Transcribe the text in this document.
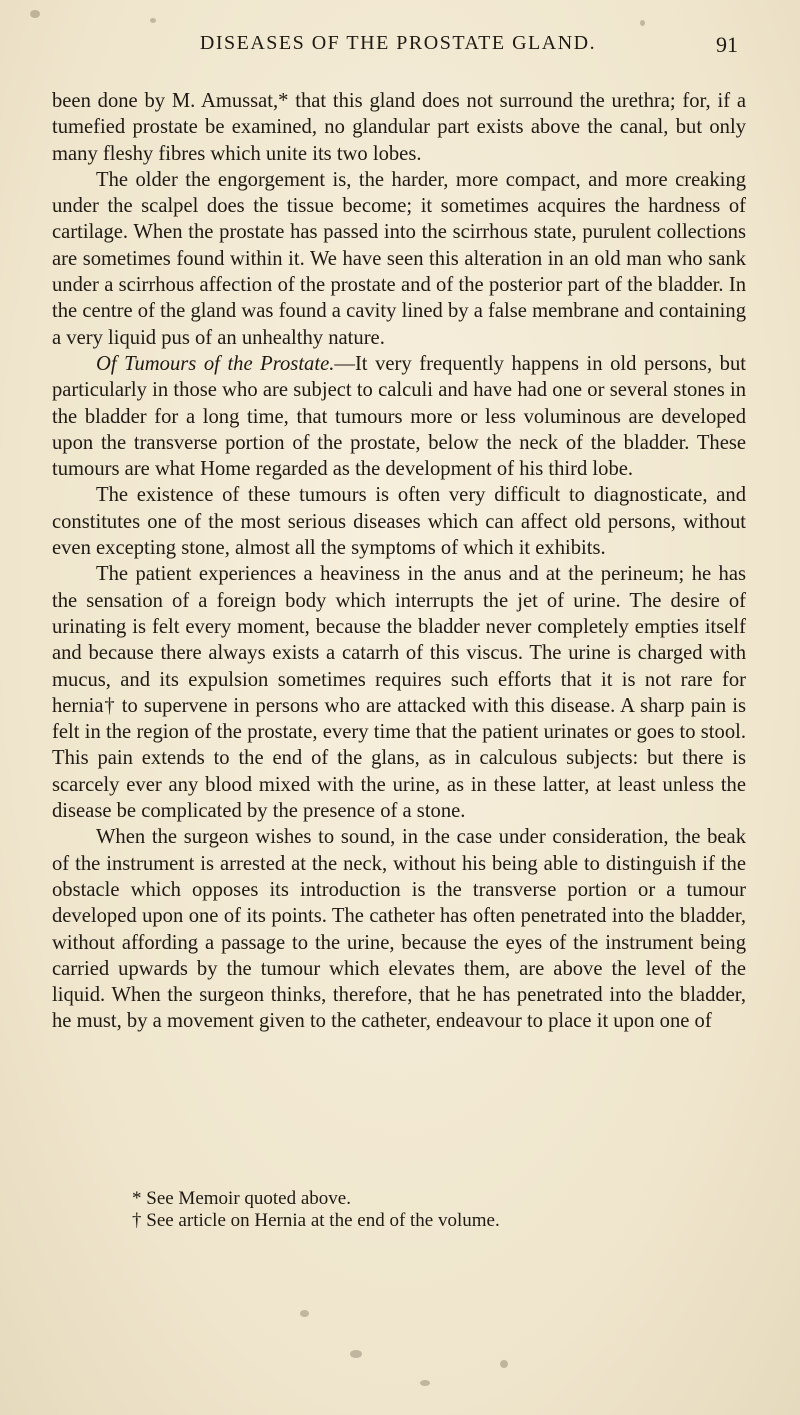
DISEASES OF THE PROSTATE GLAND.	91

been done by M. Amussat,* that this gland does not surround the urethra; for, if a tumefied prostate be examined, no glandular part exists above the canal, but only many fleshy fibres which unite its two lobes.

The older the engorgement is, the harder, more compact, and more creaking under the scalpel does the tissue become; it sometimes acquires the hardness of cartilage. When the prostate has passed into the scirrhous state, purulent collections are sometimes found within it. We have seen this alteration in an old man who sank under a scirrhous affection of the prostate and of the posterior part of the bladder. In the centre of the gland was found a cavity lined by a false membrane and containing a very liquid pus of an unhealthy nature.

Of Tumours of the Prostate.—It very frequently happens in old persons, but particularly in those who are subject to calculi and have had one or several stones in the bladder for a long time, that tumours more or less voluminous are developed upon the transverse portion of the prostate, below the neck of the bladder. These tumours are what Home regarded as the development of his third lobe.

The existence of these tumours is often very difficult to diagnosticate, and constitutes one of the most serious diseases which can affect old persons, without even excepting stone, almost all the symptoms of which it exhibits.

The patient experiences a heaviness in the anus and at the perineum; he has the sensation of a foreign body which interrupts the jet of urine. The desire of urinating is felt every moment, because the bladder never completely empties itself and because there always exists a catarrh of this viscus. The urine is charged with mucus, and its expulsion sometimes requires such efforts that it is not rare for hernia† to supervene in persons who are attacked with this disease. A sharp pain is felt in the region of the prostate, every time that the patient urinates or goes to stool. This pain extends to the end of the glans, as in calculous subjects: but there is scarcely ever any blood mixed with the urine, as in these latter, at least unless the disease be complicated by the presence of a stone.

When the surgeon wishes to sound, in the case under consideration, the beak of the instrument is arrested at the neck, without his being able to distinguish if the obstacle which opposes its introduction is the transverse portion or a tumour developed upon one of its points. The catheter has often penetrated into the bladder, without affording a passage to the urine, because the eyes of the instrument being carried upwards by the tumour which elevates them, are above the level of the liquid. When the surgeon thinks, therefore, that he has penetrated into the bladder, he must, by a movement given to the catheter, endeavour to place it upon one of

* See Memoir quoted above.
† See article on Hernia at the end of the volume.
